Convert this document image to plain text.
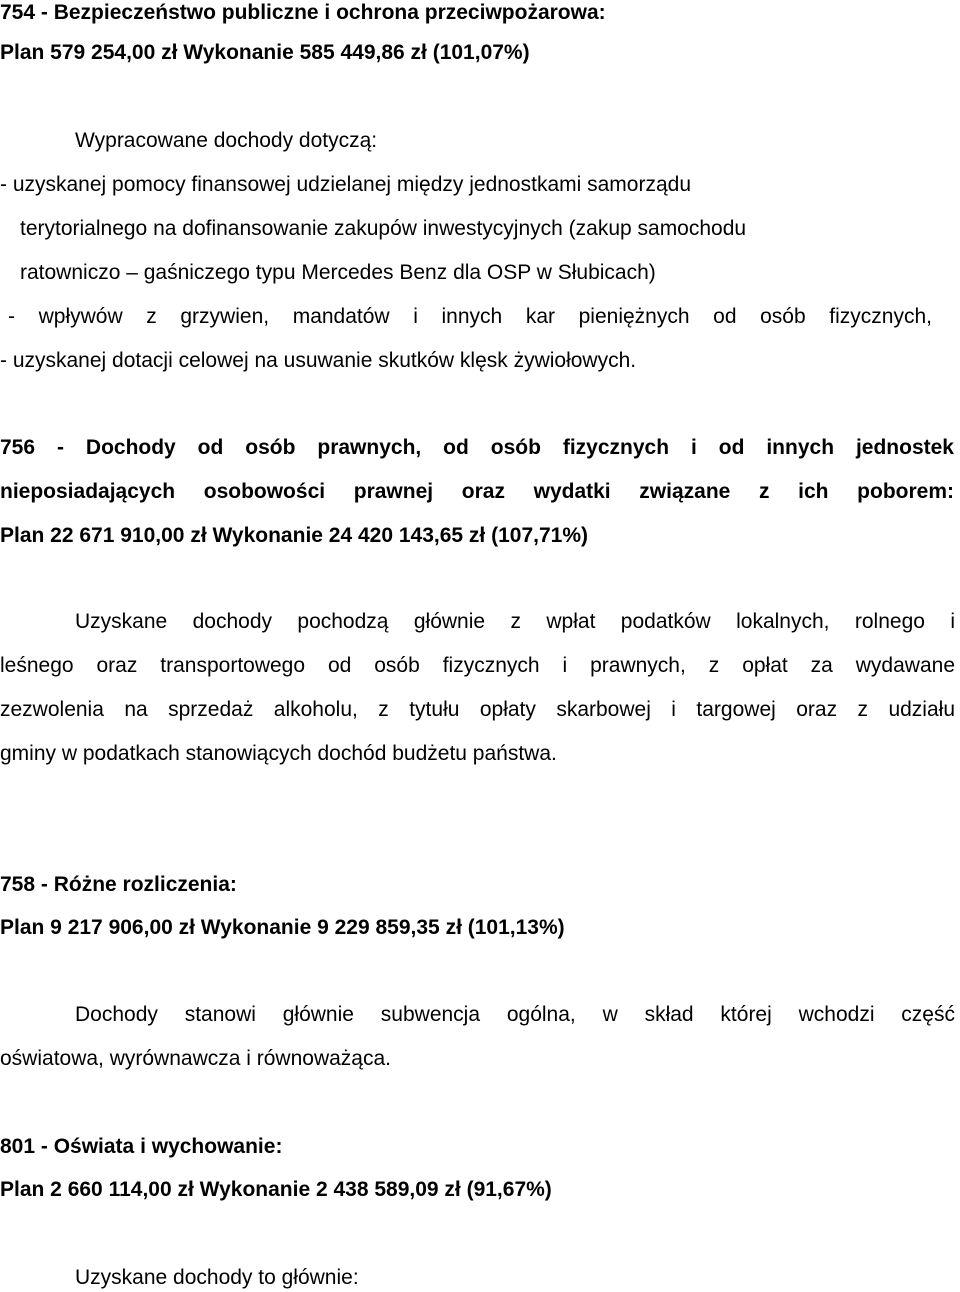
754 - Bezpieczeństwo publiczne i ochrona przeciwpożarowa:
Plan 579 254,00 zł Wykonanie 585 449,86 zł (101,07%)
Wypracowane dochody dotyczą:
- uzyskanej pomocy finansowej udzielanej między jednostkami samorządu
terytorialnego na dofinansowanie zakupów inwestycyjnych (zakup samochodu
ratowniczo – gaśniczego typu Mercedes Benz dla OSP w Słubicach)
- wpływów z grzywien, mandatów i innych kar pieniężnych od osób fizycznych,
- uzyskanej dotacji celowej na usuwanie skutków klęsk żywiołowych.
756 - Dochody od osób prawnych, od osób fizycznych i od innych jednostek
nieposiadających osobowości prawnej oraz wydatki związane z ich poborem:
Plan 22 671 910,00 zł Wykonanie 24 420 143,65 zł (107,71%)
Uzyskane dochody pochodzą głównie z wpłat podatków lokalnych, rolnego i
leśnego oraz transportowego od osób fizycznych i prawnych, z opłat za wydawane
zezwolenia na sprzedaż alkoholu, z tytułu opłaty skarbowej i targowej oraz z udziału
gminy w podatkach stanowiących dochód budżetu państwa.
758 - Różne rozliczenia:
Plan 9 217 906,00 zł Wykonanie 9 229 859,35 zł (101,13%)
Dochody stanowi głównie subwencja ogólna, w skład której wchodzi część
oświatowa, wyrównawcza i równoważąca.
801 - Oświata i wychowanie:
Plan 2 660 114,00 zł Wykonanie 2 438 589,09 zł (91,67%)
Uzyskane dochody to głównie:
